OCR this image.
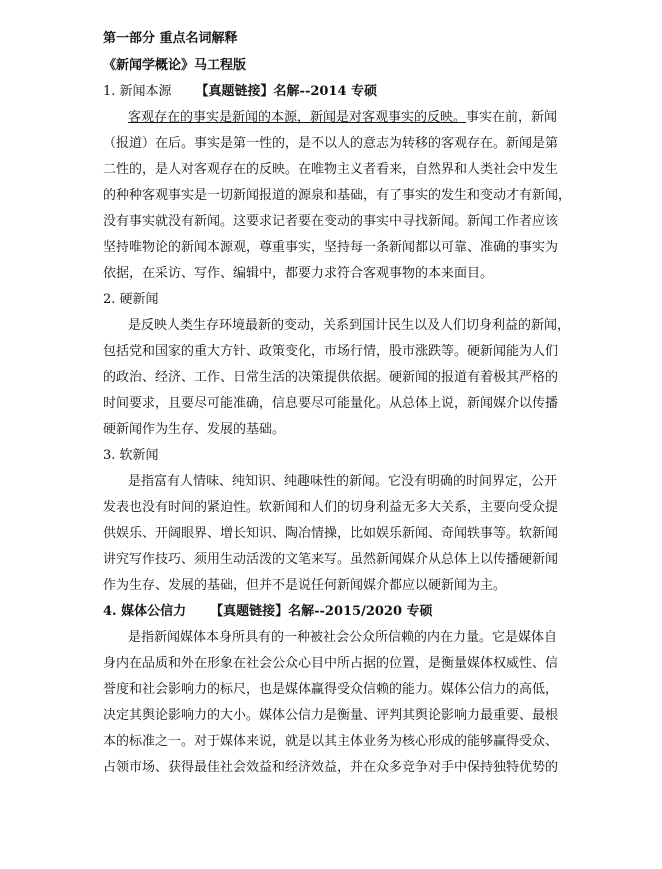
第一部分 重点名词解释
《新闻学概论》马工程版
1. 新闻本源 【真题链接】名解--2014 专硕
客观存在的事实是新闻的本源，新闻是对客观事实的反映。事实在前，新闻
（报道）在后。事实是第一性的，是不以人的意志为转移的客观存在。新闻是第
二性的，是人对客观存在的反映。在唯物主义者看来，自然界和人类社会中发生
的种种客观事实是一切新闻报道的源泉和基础，有了事实的发生和变动才有新闻，
没有事实就没有新闻。这要求记者要在变动的事实中寻找新闻。新闻工作者应该
坚持唯物论的新闻本源观，尊重事实，坚持每一条新闻都以可靠、准确的事实为
依据，在采访、写作、编辑中，都要力求符合客观事物的本来面目。
2. 硬新闻
是反映人类生存环境最新的变动，关系到国计民生以及人们切身利益的新闻，
包括党和国家的重大方针、政策变化，市场行情，股市涨跌等。硬新闻能为人们
的政治、经济、工作、日常生活的决策提供依据。硬新闻的报道有着极其严格的
时间要求，且要尽可能准确，信息要尽可能量化。从总体上说，新闻媒介以传播
硬新闻作为生存、发展的基础。
3. 软新闻
是指富有人情味、纯知识、纯趣味性的新闻。它没有明确的时间界定，公开
发表也没有时间的紧迫性。软新闻和人们的切身利益无多大关系，主要向受众提
供娱乐、开阔眼界、增长知识、陶冶情操，比如娱乐新闻、奇闻轶事等。软新闻
讲究写作技巧、须用生动活泼的文笔来写。虽然新闻媒介从总体上以传播硬新闻
作为生存、发展的基础，但并不是说任何新闻媒介都应以硬新闻为主。
4. 媒体公信力 【真题链接】名解--2015/2020 专硕
是指新闻媒体本身所具有的一种被社会公众所信赖的内在力量。它是媒体自
身内在品质和外在形象在社会公众心目中所占据的位置，是衡量媒体权威性、信
誉度和社会影响力的标尺，也是媒体赢得受众信赖的能力。媒体公信力的高低，
决定其舆论影响力的大小。媒体公信力是衡量、评判其舆论影响力最重要、最根
本的标准之一。对于媒体来说，就是以其主体业务为核心形成的能够赢得受众、
占领市场、获得最佳社会效益和经济效益，并在众多竞争对手中保持独特优势的
